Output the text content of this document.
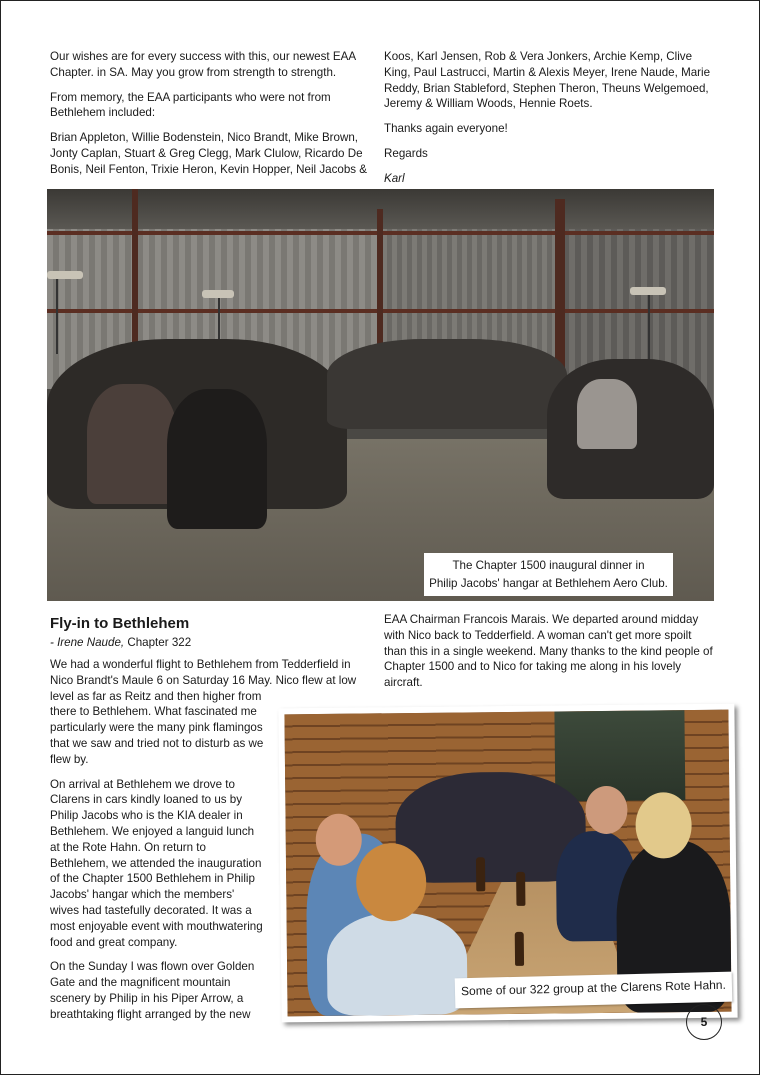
Our wishes are for every success with this, our newest EAA Chapter. in SA. May you grow from strength to strength.

From memory, the EAA participants who were not from Bethlehem included:

Brian Appleton, Willie Bodenstein, Nico Brandt, Mike Brown, Jonty Caplan, Stuart & Greg Clegg, Mark Clulow, Ricardo De Bonis, Neil Fenton, Trixie Heron, Kevin Hopper, Neil Jacobs &

Koos, Karl Jensen, Rob & Vera Jonkers, Archie Kemp, Clive King, Paul Lastrucci, Martin & Alexis Meyer, Irene Naude, Marie Reddy, Brian Stableford, Stephen Theron, Theuns Welgemoed, Jeremy & William Woods, Hennie Roets.

Thanks again everyone!

Regards

Karl

The Chapter 1500 inaugural dinner in
Philip Jacobs' hangar at Bethlehem Aero Club.
Fly-in to Bethlehem
- Irene Naude, Chapter 322

We had a wonderful flight to Bethlehem from Tedderfield in Nico Brandt's Maule 6 on Saturday 16 May. Nico flew at low
level as far as Reitz and then higher from there to Bethlehem. What fascinated me particularly were the many pink flamingos that we saw and tried not to disturb as we flew by.

On arrival at Bethlehem we drove to Clarens in cars kindly loaned to us by Philip Jacobs who is the KIA dealer in Bethlehem. We enjoyed a languid lunch at the Rote Hahn. On return to Bethlehem, we attended the inauguration of the Chapter 1500 Bethlehem in Philip Jacobs' hangar which the members' wives had tastefully decorated. It was a most enjoyable event with mouthwatering food and great company.

On the Sunday I was flown over Golden Gate and the magnificent mountain scenery by Philip in his Piper Arrow, a breathtaking flight arranged by the new

EAA Chairman Francois Marais. We departed around midday with Nico back to Tedderfield. A woman can't get more spoilt than this in a single weekend. Many thanks to the kind people of Chapter 1500 and to Nico for taking me along in his lovely aircraft.

Some of our 322 group at the Clarens Rote Hahn.
5
